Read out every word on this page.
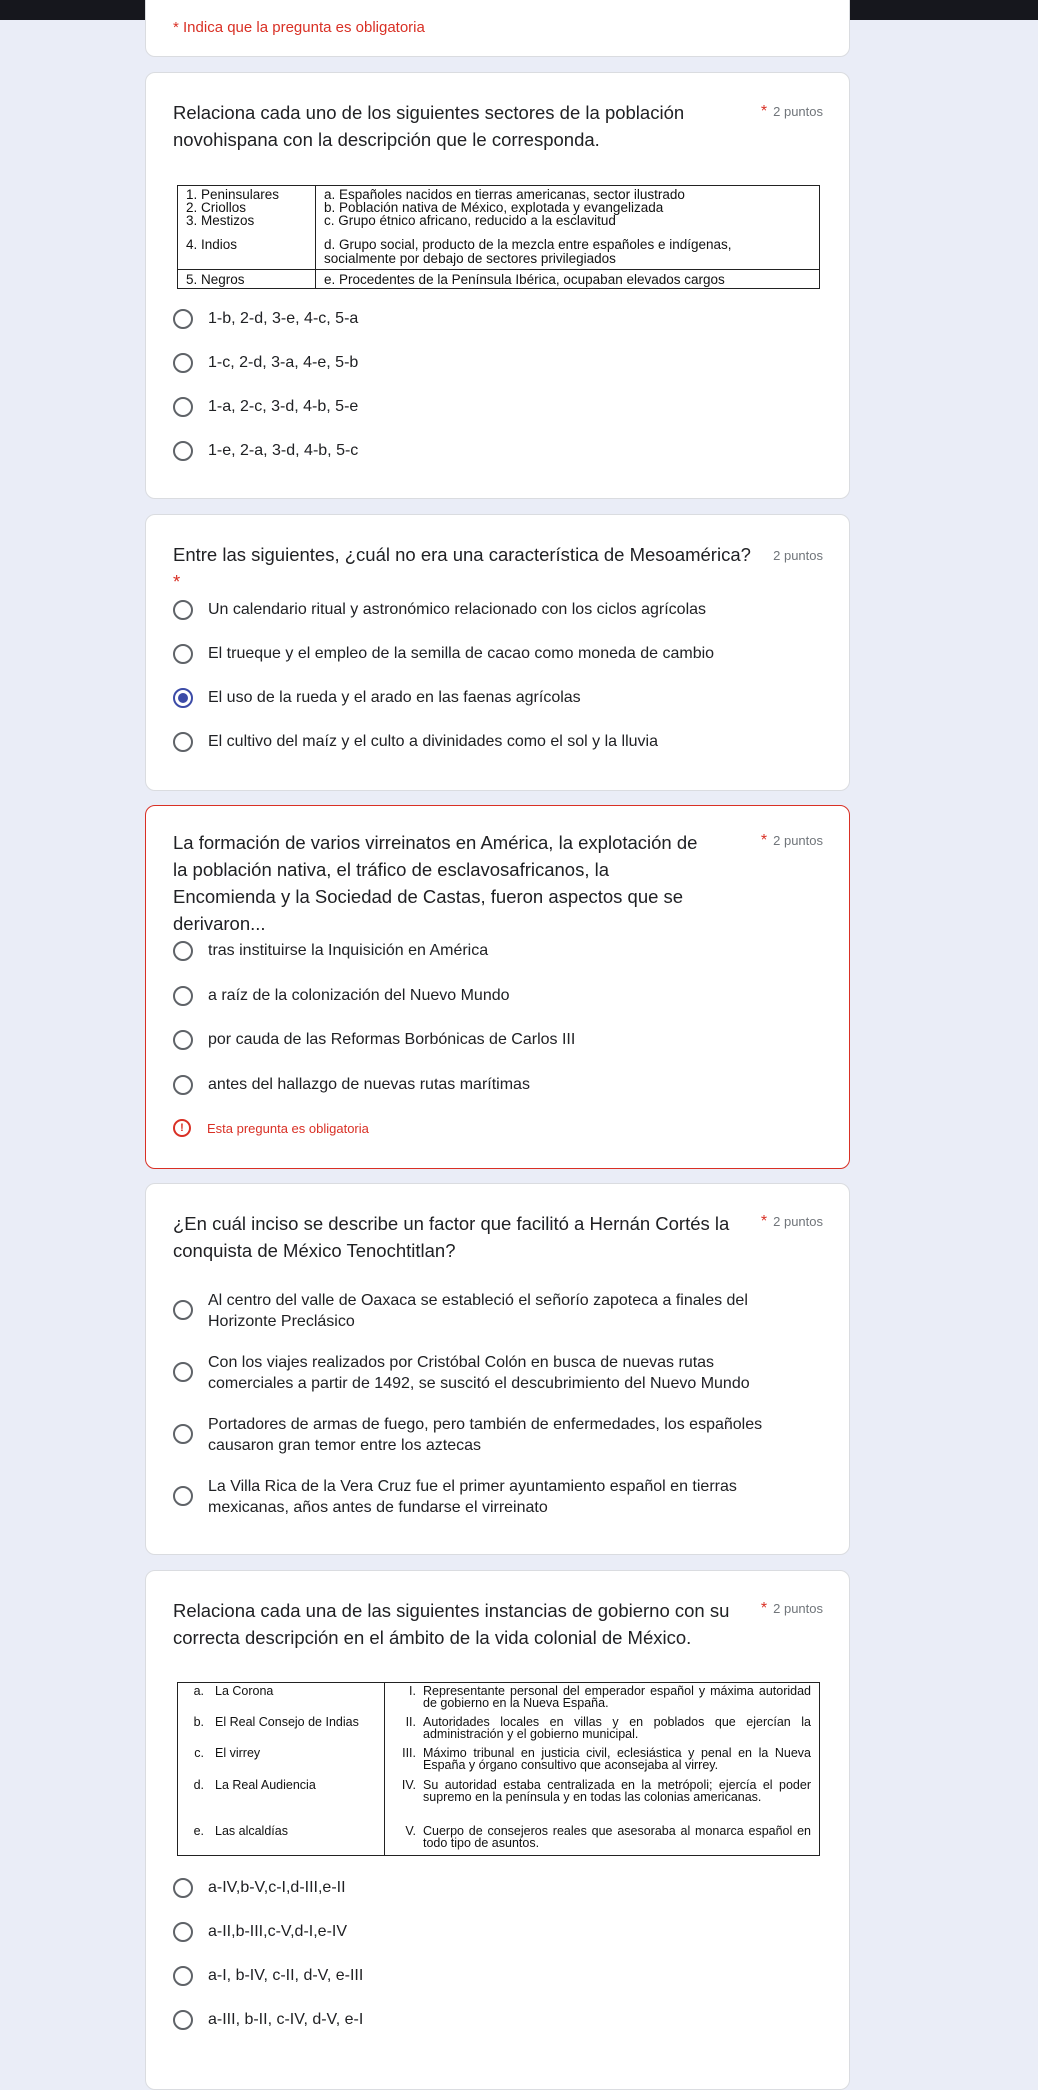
* Indica que la pregunta es obligatoria
Relaciona cada uno de los siguientes sectores de la población novohispana con la descripción que le corresponda.
* 2 puntos
1. Peninsulares
2. Criollos
3. Mestizos
4. Indios
5. Negros
a. Españoles nacidos en tierras americanas, sector ilustrado
b. Población nativa de México, explotada y evangelizada
c. Grupo étnico africano, reducido a la esclavitud
d. Grupo social, producto de la mezcla entre españoles e indígenas,
socialmente por debajo de sectores privilegiados
e. Procedentes de la Península Ibérica, ocupaban elevados cargos
1-b, 2-d, 3-e, 4-c, 5-a
1-c, 2-d, 3-a, 4-e, 5-b
1-a, 2-c, 3-d, 4-b, 5-e
1-e, 2-a, 3-d, 4-b, 5-c
Entre las siguientes, ¿cuál no era una característica de Mesoamérica? *
2 puntos
Un calendario ritual y astronómico relacionado con los ciclos agrícolas
El trueque y el empleo de la semilla de cacao como moneda de cambio
El uso de la rueda y el arado en las faenas agrícolas
El cultivo del maíz y el culto a divinidades como el sol y la lluvia
La formación de varios virreinatos en América, la explotación de la población nativa, el tráfico de esclavosafricanos, la Encomienda y la Sociedad de Castas, fueron aspectos que se derivaron...
* 2 puntos
tras instituirse la Inquisición en América
a raíz de la colonización del Nuevo Mundo
por cauda de las Reformas Borbónicas de Carlos III
antes del hallazgo de nuevas rutas marítimas
!	Esta pregunta es obligatoria
¿En cuál inciso se describe un factor que facilitó a Hernán Cortés la conquista de México Tenochtitlan?
* 2 puntos
Al centro del valle de Oaxaca se estableció el señorío zapoteca a finales del Horizonte Preclásico
Con los viajes realizados por Cristóbal Colón en busca de nuevas rutas comerciales a partir de 1492, se suscitó el descubrimiento del Nuevo Mundo
Portadores de armas de fuego, pero también de enfermedades, los españoles causaron gran temor entre los aztecas
La Villa Rica de la Vera Cruz fue el primer ayuntamiento español en tierras mexicanas, años antes de fundarse el virreinato
Relaciona cada una de las siguientes instancias de gobierno con su correcta descripción en el ámbito de la vida colonial de México.
* 2 puntos
a. La Corona
b. El Real Consejo de Indias
c. El virrey
d. La Real Audiencia
e. Las alcaldías
I. Representante personal del emperador español y máxima autoridad de gobierno en la Nueva España.
II. Autoridades locales en villas y en poblados que ejercían la administración y el gobierno municipal.
III. Máximo tribunal en justicia civil, eclesiástica y penal en la Nueva España y órgano consultivo que aconsejaba al virrey.
IV. Su autoridad estaba centralizada en la metrópoli; ejercía el poder supremo en la península y en todas las colonias americanas.
V. Cuerpo de consejeros reales que asesoraba al monarca español en todo tipo de asuntos.
a-IV,b-V,c-I,d-III,e-II
a-II,b-III,c-V,d-I,e-IV
a-I, b-IV, c-II, d-V, e-III
a-III, b-II, c-IV, d-V, e-I
